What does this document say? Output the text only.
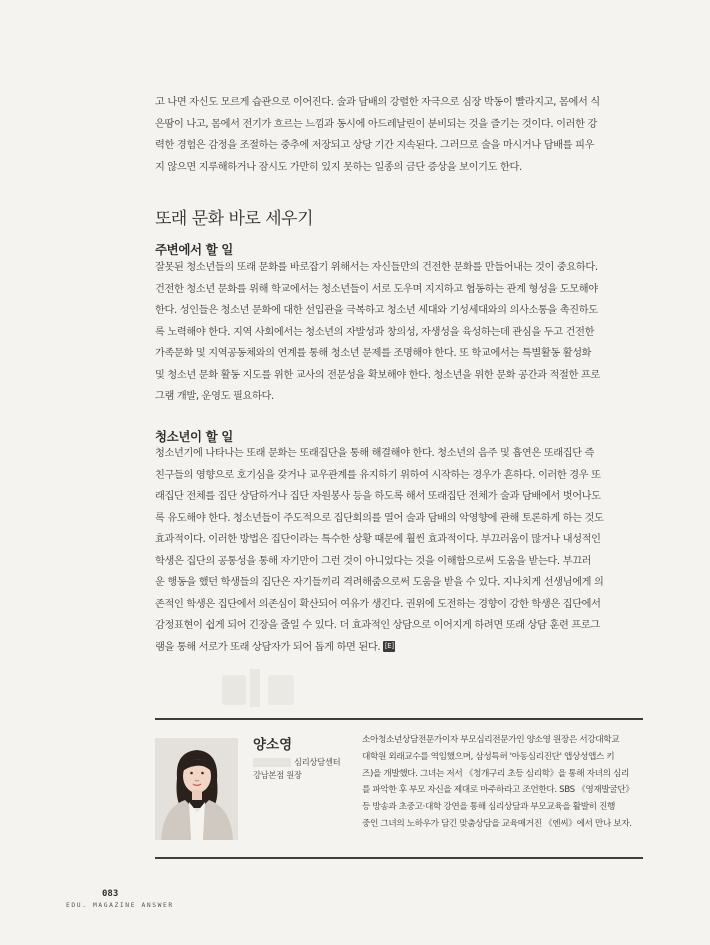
고 나면 자신도 모르게 습관으로 이어진다. 술과 담배의 강렬한 자극으로 심장 박동이 빨라지고, 몸에서 식
은땀이 나고, 몸에서 전기가 흐르는 느낌과 동시에 아드레날린이 분비되는 것을 즐기는 것이다. 이러한 강
력한 경험은 감정을 조절하는 중추에 저장되고 상당 기간 지속된다. 그러므로 술을 마시거나 담배를 피우
지 않으면 지루해하거나 잠시도 가만히 있지 못하는 일종의 금단 증상을 보이기도 한다.
또래 문화 바로 세우기
주변에서 할 일
잘못된 청소년들의 또래 문화를 바로잡기 위해서는 자신들만의 건전한 문화를 만들어내는 것이 중요하다.
건전한 청소년 문화를 위해 학교에서는 청소년들이 서로 도우며 지지하고 협동하는 관계 형성을 도모해야
한다. 성인들은 청소년 문화에 대한 선입관을 극복하고 청소년 세대와 기성세대와의 의사소통을 촉진하도
록 노력해야 한다. 지역 사회에서는 청소년의 자발성과 창의성, 자생성을 육성하는데 관심을 두고 건전한
가족문화 및 지역공동체와의 연계를 통해 청소년 문제를 조명해야 한다. 또 학교에서는 특별활동 활성화
및 청소년 문화 활동 지도를 위한 교사의 전문성을 확보해야 한다. 청소년을 위한 문화 공간과 적절한 프로
그램 개발, 운영도 필요하다.
청소년이 할 일
청소년기에 나타나는 또래 문화는 또래집단을 통해 해결해야 한다. 청소년의 음주 및 흡연은 또래집단 즉
친구들의 영향으로 호기심을 갖거나 교우관계를 유지하기 위하여 시작하는 경우가 흔하다. 이러한 경우 또
래집단 전체를 집단 상담하거나 집단 자원봉사 등을 하도록 해서 또래집단 전체가 술과 담배에서 벗어나도
록 유도해야 한다. 청소년들이 주도적으로 집단회의를 열어 술과 담배의 악영향에 관해 토론하게 하는 것도
효과적이다. 이러한 방법은 집단이라는 특수한 상황 때문에 훨씬 효과적이다. 부끄러움이 많거나 내성적인
학생은 집단의 공통성을 통해 자기만이 그런 것이 아니었다는 것을 이해함으로써 도움을 받는다. 부끄러
운 행동을 했던 학생들의 집단은 자기들끼리 격려해줌으로써 도움을 받을 수 있다. 지나치게 선생님에게 의
존적인 학생은 집단에서 의존심이 확산되어 여유가 생긴다. 권위에 도전하는 경향이 강한 학생은 집단에서
감정표현이 쉽게 되어 긴장을 줄일 수 있다. 더 효과적인 상담으로 이어지게 하려면 또래 상담 훈련 프로그
램을 통해 서로가 또래 상담자가 되어 돕게 하면 된다. [E]
양소영
심리상담센터
강남본점 원장
소아청소년상담전문가이자 부모심리전문가인 양소영 원장은 서강대학교
대학원 외래교수를 역임했으며, 삼성특허 '아동심리진단' 앱상성앱스 키
즈)을 개발했다. 그녀는 저서 《청개구리 초등 심리학》을 통해 자녀의 심리
를 파악한 후 부모 자신을 제대로 마주하라고 조언한다. SBS 《영재발굴단》
등 방송과 초중고·대학 강연을 통해 심리상담과 부모교육을 활발히 진행
중인 그녀의 노하우가 담긴 맞춤상담을 교육매거진 《엔씨》에서 만나 보자.
083
EDU. MAGAZINE ANSWER
